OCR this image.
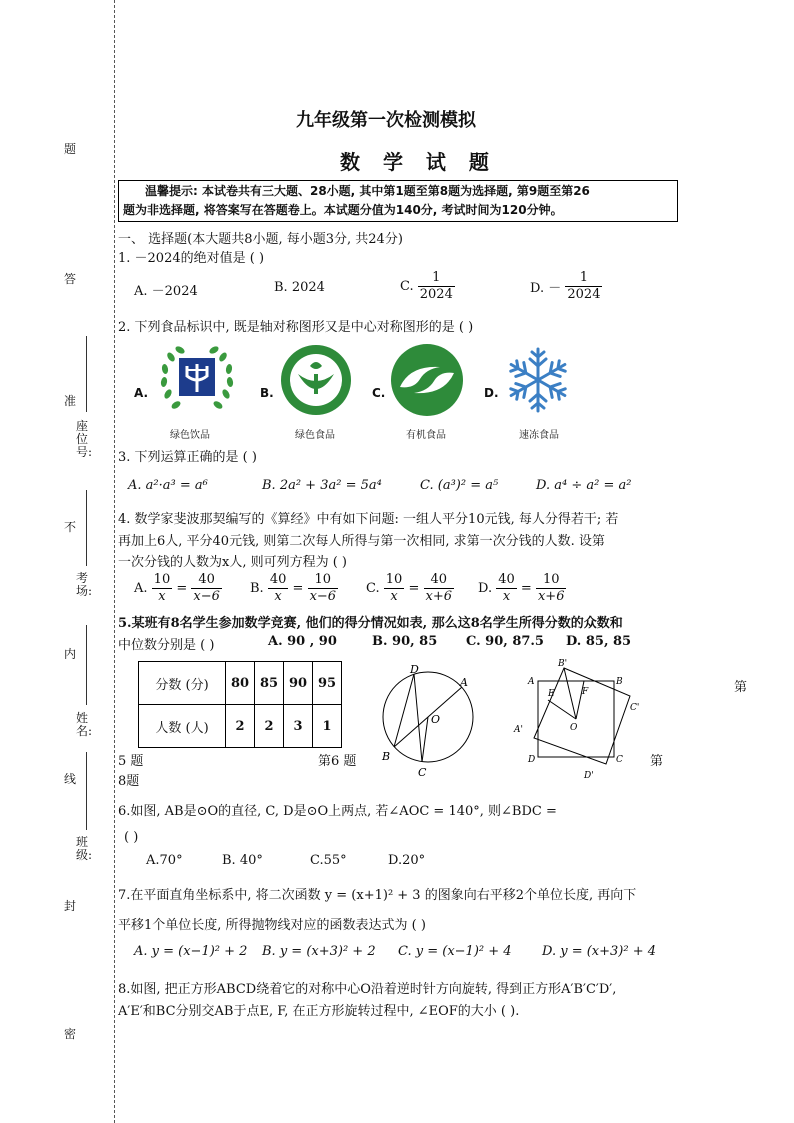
题
答
准
不
内
线
封
密
座位号:
考场:
姓名:
班级:
九年级第一次检测模拟
数 学 试 题
温馨提示: 本试卷共有三大题、28小题, 其中第1题至第8题为选择题, 第9题至第26
题为非选择题, 将答案写在答题卷上。本试题分值为140分, 考试时间为120分钟。
一、 选择题(本大题共8小题, 每小题3分, 共24分)
1. －2024的绝对值是 ( )
A. －2024	B. 2024	C. $\frac{1}{2024}$	D. － $\frac{1}{2024}$
2. 下列食品标识中, 既是轴对称图形又是中心对称图形的是 ( )
A.
绿色饮品
B.
绿色食品
C.
有机食品
D.
速冻食品
3. 下列运算正确的是 ( )
A. a²·a³ = a⁶	B. 2a² + 3a² = 5a⁴	C. (a³)² = a⁵	D. a⁴ ÷ a² = a²
4. 数学家斐波那契编写的《算经》中有如下问题: 一组人平分10元钱, 每人分得若干; 若
再加上6人, 平分40元钱, 则第二次每人所得与第一次相同, 求第一次分钱的人数. 设第
一次分钱的人数为x人, 则可列方程为 ( )
A. $\frac{10}{x} = \frac{40}{x-6} B$. $\frac{40}{x} = \frac{10}{x-6} C$. $\frac{10}{x} = \frac{40}{x+6} D$. $\frac{40}{x} = \frac{10}{x+6}$
5.某班有8名学生参加数学竞赛, 他们的得分情况如表, 那么这8名学生所得分数的众数和
中位数分别是 ( )	A. 90 , 90	B. 90, 85 C. 90, 87.5 D. 85, 85
分数 (分)	80	85	90	95
人数 (人)	2	2	3	1
D
A
O
B
C
B'
A	B
E	F
C'
O
A'
D	C
D'
第
5 题	第6 题	第
8题
6.如图, AB是⊙O的直径, C, D是⊙O上两点, 若∠AOC = 140°, 则∠BDC =
( )
A.70°	B. 40°	C.55°	D.20°
7.在平面直角坐标系中, 将二次函数 y = (x+1)² + 3 的图象向右平移2个单位长度, 再向下
平移1个单位长度, 所得抛物线对应的函数表达式为 ( )
A. y = (x−1)² + 2 B. y = (x+3)² + 2 C. y = (x−1)² + 4 D. y = (x+3)² + 4
8.如图, 把正方形ABCD绕着它的对称中心O沿着逆时针方向旋转, 得到正方形A′B′C′D′,
A′E′和BC分别交AB于点E, F, 在正方形旋转过程中, ∠EOF的大小 ( ).
